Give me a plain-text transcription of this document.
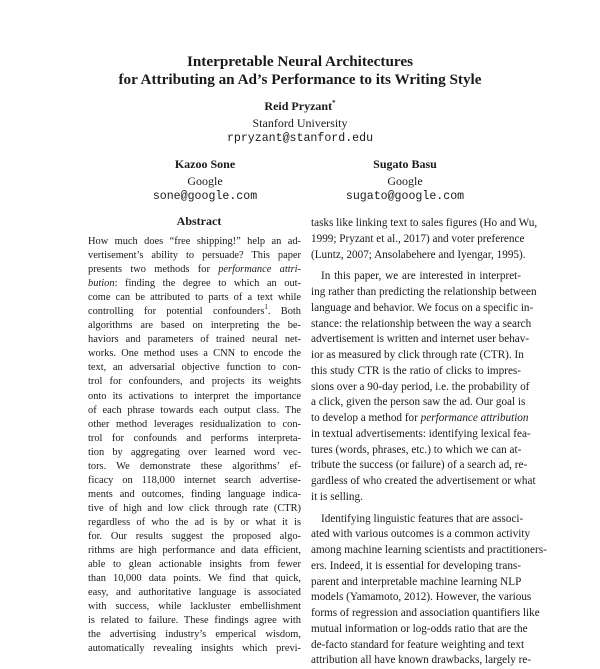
Interpretable Neural Architectures
for Attributing an Ad’s Performance to its Writing Style
Reid Pryzant*
Stanford University
rpryzant@stanford.edu
Kazoo Sone
Google
sone@google.com
Sugato Basu
Google
sugato@google.com
Abstract
How much does “free shipping!” help an ad-
vertisement’s ability to persuade? This paper
presents two methods for performance attri-
bution: finding the degree to which an out-
come can be attributed to parts of a text while
controlling for potential confounders$^1$. Both
algorithms are based on interpreting the be-
haviors and parameters of trained neural net-
works. One method uses a CNN to encode the
text, an adversarial objective function to con-
trol for confounders, and projects its weights
onto its activations to interpret the importance
of each phrase towards each output class. The
other method leverages residualization to con-
trol for confounds and performs interpreta-
tion by aggregating over learned word vec-
tors. We demonstrate these algorithms’ ef-
ficacy on 118,000 internet search advertise-
ments and outcomes, finding language indica-
tive of high and low click through rate (CTR)
regardless of who the ad is by or what it is
for. Our results suggest the proposed algo-
rithms are high performance and data efficient,
able to glean actionable insights from fewer
than 10,000 data points. We find that quick,
easy, and authoritative language is associated
with success, while lackluster embellishment
is related to failure. These findings agree with
the advertising industry’s emperical wisdom,
automatically revealing insights which previ-
tasks like linking text to sales figures (Ho and Wu,
1999; Pryzant et al., 2017) and voter preference
(Luntz, 2007; Ansolabehere and Iyengar, 1995).
In this paper, we are interested in interpret-
ing rather than predicting the relationship between
language and behavior. We focus on a specific in-
stance: the relationship between the way a search
advertisement is written and internet user behav-
ior as measured by click through rate (CTR). In
this study CTR is the ratio of clicks to impres-
sions over a 90-day period, i.e. the probability of
a click, given the person saw the ad. Our goal is
to develop a method for performance attribution
in textual advertisements: identifying lexical fea-
tures (words, phrases, etc.) to which we can at-
tribute the success (or failure) of a search ad, re-
gardless of who created the advertisement or what
it is selling.
Identifying linguistic features that are associ-
ated with various outcomes is a common activity
among machine learning scientists and practitioners-
ers. Indeed, it is essential for developing trans-
parent and interpretable machine learning NLP
models (Yamamoto, 2012). However, the various
forms of regression and association quantifiers like
mutual information or log-odds ratio that are the
de-facto standard for feature weighting and text
attribution all have known drawbacks, largely re-
